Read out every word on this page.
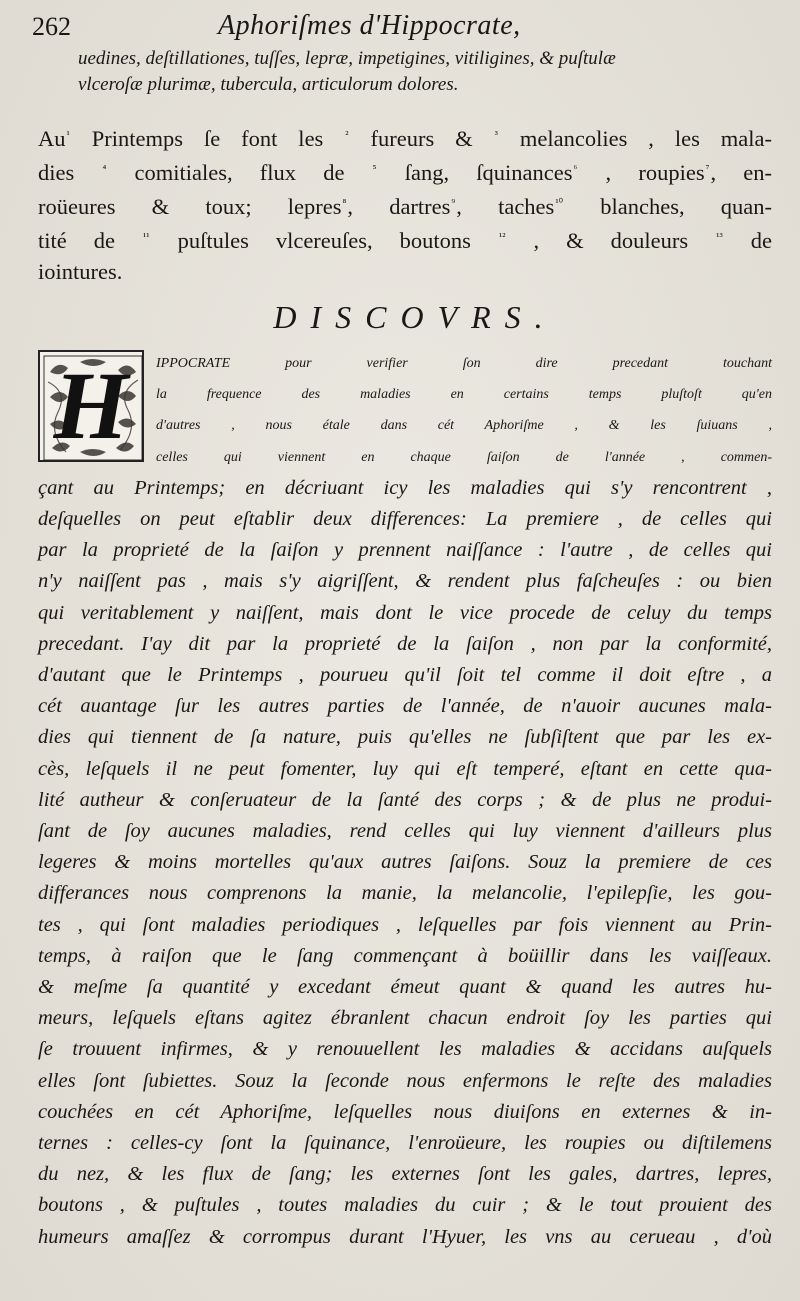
262	Aphoriſmes d'Hippocrate,
uedines, deſtillationes, tuſſes, lepræ, impetigines, vitiligines, & puſtulæ
vlceroſæ plurimæ, tubercula, articulorum dolores.
$Au^{^1}$ Printemps ſe font les $^{^2}$ fureurs & $^{^3}$ melancolies , les mala-
dies $^{^4}$ comitiales, flux de $^{^5}$ ſang, ſquinances$^{^6}$ , roupies$^{^7}$, en-
roüeures & toux; lepres$^{^8}$, dartres$^{^9}$, taches$^{^{10}}$ blanches, quan-
tité de $^{^{11}}$ puſtules vlcereuſes, boutons $^{^{12}}$ , & douleurs $^{^{13}}$ de
iointures.
DISCOVRS.
H	IPPOCRATE pour verifier ſon dire precedant touchant
la frequence des maladies en certains temps pluſtoſt qu'en
d'autres , nous étale dans cét Aphoriſme , & les ſuiuans ,
celles qui viennent en chaque ſaiſon de l'année , commen-
çant au Printemps; en décriuant icy les maladies qui s'y rencontrent ,
deſquelles on peut eſtablir deux differences: La premiere , de celles qui
par la proprieté de la ſaiſon y prennent naiſſance : l'autre , de celles qui
n'y naiſſent pas , mais s'y aigriſſent, & rendent plus faſcheuſes : ou bien
qui veritablement y naiſſent, mais dont le vice procede de celuy du temps
precedant. I'ay dit par la proprieté de la ſaiſon , non par la conformité,
d'autant que le Printemps , pourueu qu'il ſoit tel comme il doit eſtre , a
cét auantage ſur les autres parties de l'année, de n'auoir aucunes mala-
dies qui tiennent de ſa nature, puis qu'elles ne ſubſiſtent que par les ex-
cès, leſquels il ne peut fomenter, luy qui eſt temperé, eſtant en cette qua-
lité autheur & conſeruateur de la ſanté des corps ; & de plus ne produi-
ſant de ſoy aucunes maladies, rend celles qui luy viennent d'ailleurs plus
legeres & moins mortelles qu'aux autres ſaiſons. Souz la premiere de ces
differances nous comprenons la manie, la melancolie, l'epilepſie, les gou-
tes , qui ſont maladies periodiques , leſquelles par fois viennent au Prin-
temps, à raiſon que le ſang commençant à boüillir dans les vaiſſeaux.
& meſme ſa quantité y excedant émeut quant & quand les autres hu-
meurs, leſquels eſtans agitez ébranlent chacun endroit ſoy les parties qui
ſe trouuent infirmes, & y renouuellent les maladies & accidans auſquels
elles ſont ſubiettes. Souz la ſeconde nous enfermons le reſte des maladies
couchées en cét Aphoriſme, leſquelles nous diuiſons en externes & in-
ternes : celles-cy ſont la ſquinance, l'enroüeure, les roupies ou diſtilemens
du nez, & les flux de ſang; les externes ſont les gales, dartres, lepres,
boutons , & puſtules , toutes maladies du cuir ; & le tout prouient des
humeurs amaſſez & corrompus durant l'Hyuer, les vns au cerueau , d'où
